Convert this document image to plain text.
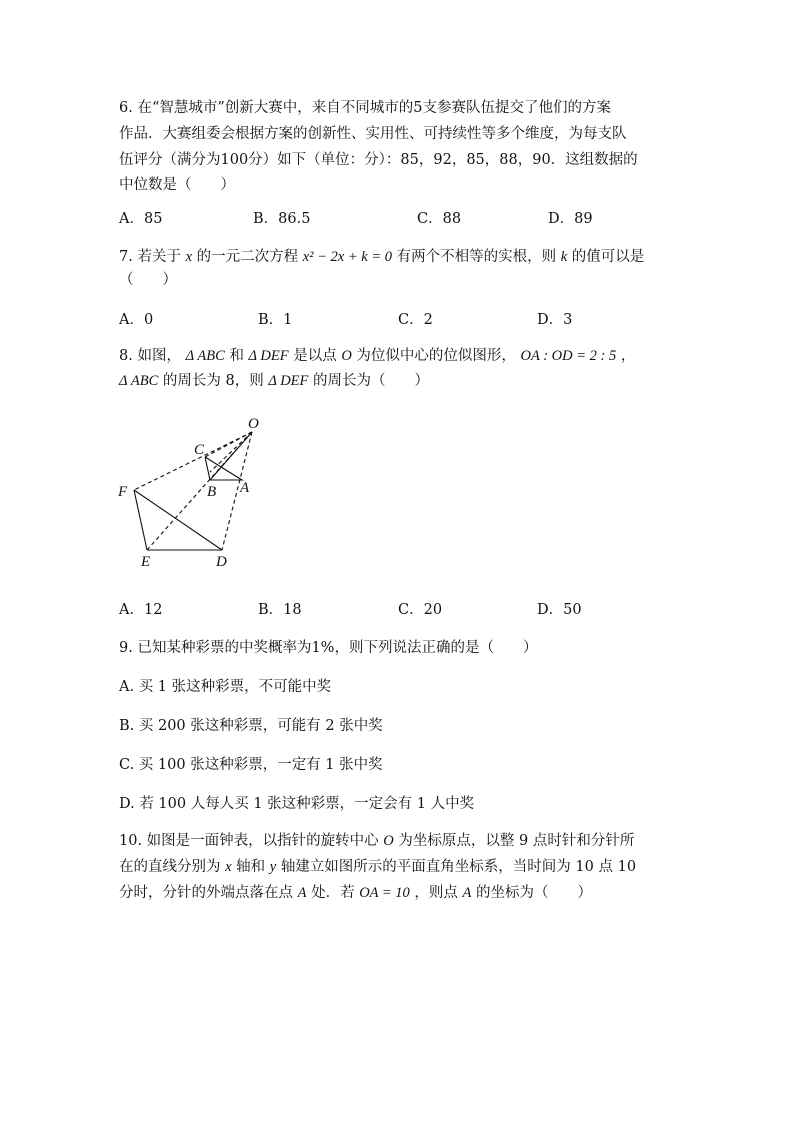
6. 在“智慧城市”创新大赛中，来自不同城市的5支参赛队伍提交了他们的方案
作品．大赛组委会根据方案的创新性、实用性、可持续性等多个维度，为每支队
伍评分（满分为100分）如下（单位：分）：85，92，85，88，90．这组数据的
中位数是（　　）
A．85	B．86.5	C．88	D．89
7. 若关于 x 的一元二次方程 x² − 2x + k = 0 有两个不相等的实根，则 k 的值可以是
（　　）
A．0	B．1	C．2	D．3
8. 如图， Δ ABC 和 Δ DEF 是以点 O 为位似中心的位似图形， OA : OD = 2 : 5 ，
Δ ABC 的周长为 8，则 Δ DEF 的周长为（　　）
O
C
B A
F
E	D
A．12	B．18	C．20	D．50
9. 已知某种彩票的中奖概率为1%，则下列说法正确的是（　　）
A. 买 1 张这种彩票，不可能中奖
B. 买 200 张这种彩票，可能有 2 张中奖
C. 买 100 张这种彩票，一定有 1 张中奖
D. 若 100 人每人买 1 张这种彩票，一定会有 1 人中奖
10. 如图是一面钟表，以指针的旋转中心 O 为坐标原点，以整 9 点时针和分针所
在的直线分别为 x 轴和 y 轴建立如图所示的平面直角坐标系，当时间为 10 点 10
分时，分针的外端点落在点 A 处．若 OA = 10 ，则点 A 的坐标为（　　）
